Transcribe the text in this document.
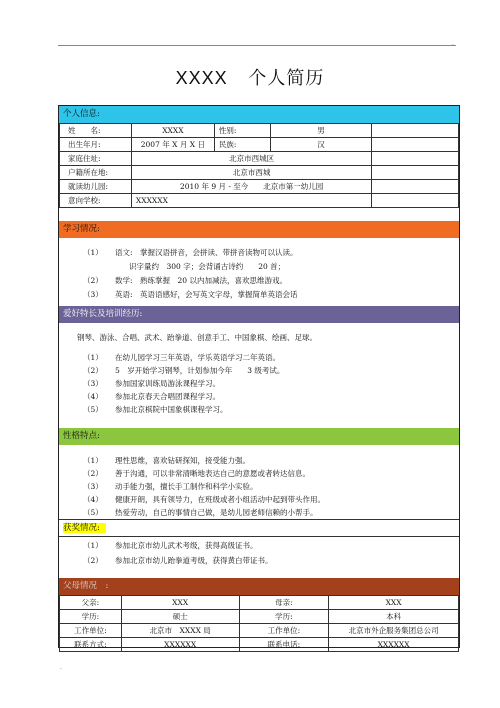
.
XXXX 个人简历
个人信息:
姓　　名:	XXXX	性别:	男	
出生年月:	2007 年 X 月 X 日	民族:	汉	
家庭住址:	北京市西城区			
户籍所在地:	北京市西城			
就读幼儿园:	2010 年 9 月 - 至今　　北京市第一幼儿园			
意向学校:	XXXXXX			
学习情况:
（1） 语文:　掌握汉语拼音，会拼读、带拼音读物可以认读。
识字量约　300 字；会背诵古诗约　　20 首；
（2） 数学:　熟练掌握　20 以内加减法，喜欢思维游戏。
（3） 英语:　英语语感好，会写英文字母，掌握简单英语会话
爱好特长及培训经历:
钢琴、游泳、合唱、武术、跆拳道、创意手工、中国象棋、绘画、足球。
（1） 在幼儿园学习三年英语，学乐英语学习二年英语。
（2） 5　岁开始学习钢琴，计划参加今年　　3 级考试。
（3） 参加国家训练局游泳课程学习。
（4） 参加北京春天合唱团课程学习。
（5） 参加北京棋院中国象棋课程学习。
性格特点:
（1） 理性思维，喜欢钻研探知，接受能力强。
（2） 善于沟通，可以非常清晰地表达自己的意愿或者转达信息。
（3） 动手能力强，擅长手工制作和科学小实验。
（4） 健康开朗，具有领导力，在班级或者小组活动中起到带头作用。
（5） 热爱劳动，自己的事情自己做，是幼儿园老师信赖的小帮手。
获奖情况:
（1） 参加北京市幼儿武术考级，获得高级证书。
（2） 参加北京市幼儿跆拳道考级，获得黄白带证书。
父母情况　:
父亲:	XXX	母亲:	XXX
学历:	硕士	学历:	本科
工作单位:	北京市　XXXX 局	工作单位:	北京市外企服务集团总公司
联系方式:	XXXXXX	联系电话:	XXXXXX
.
